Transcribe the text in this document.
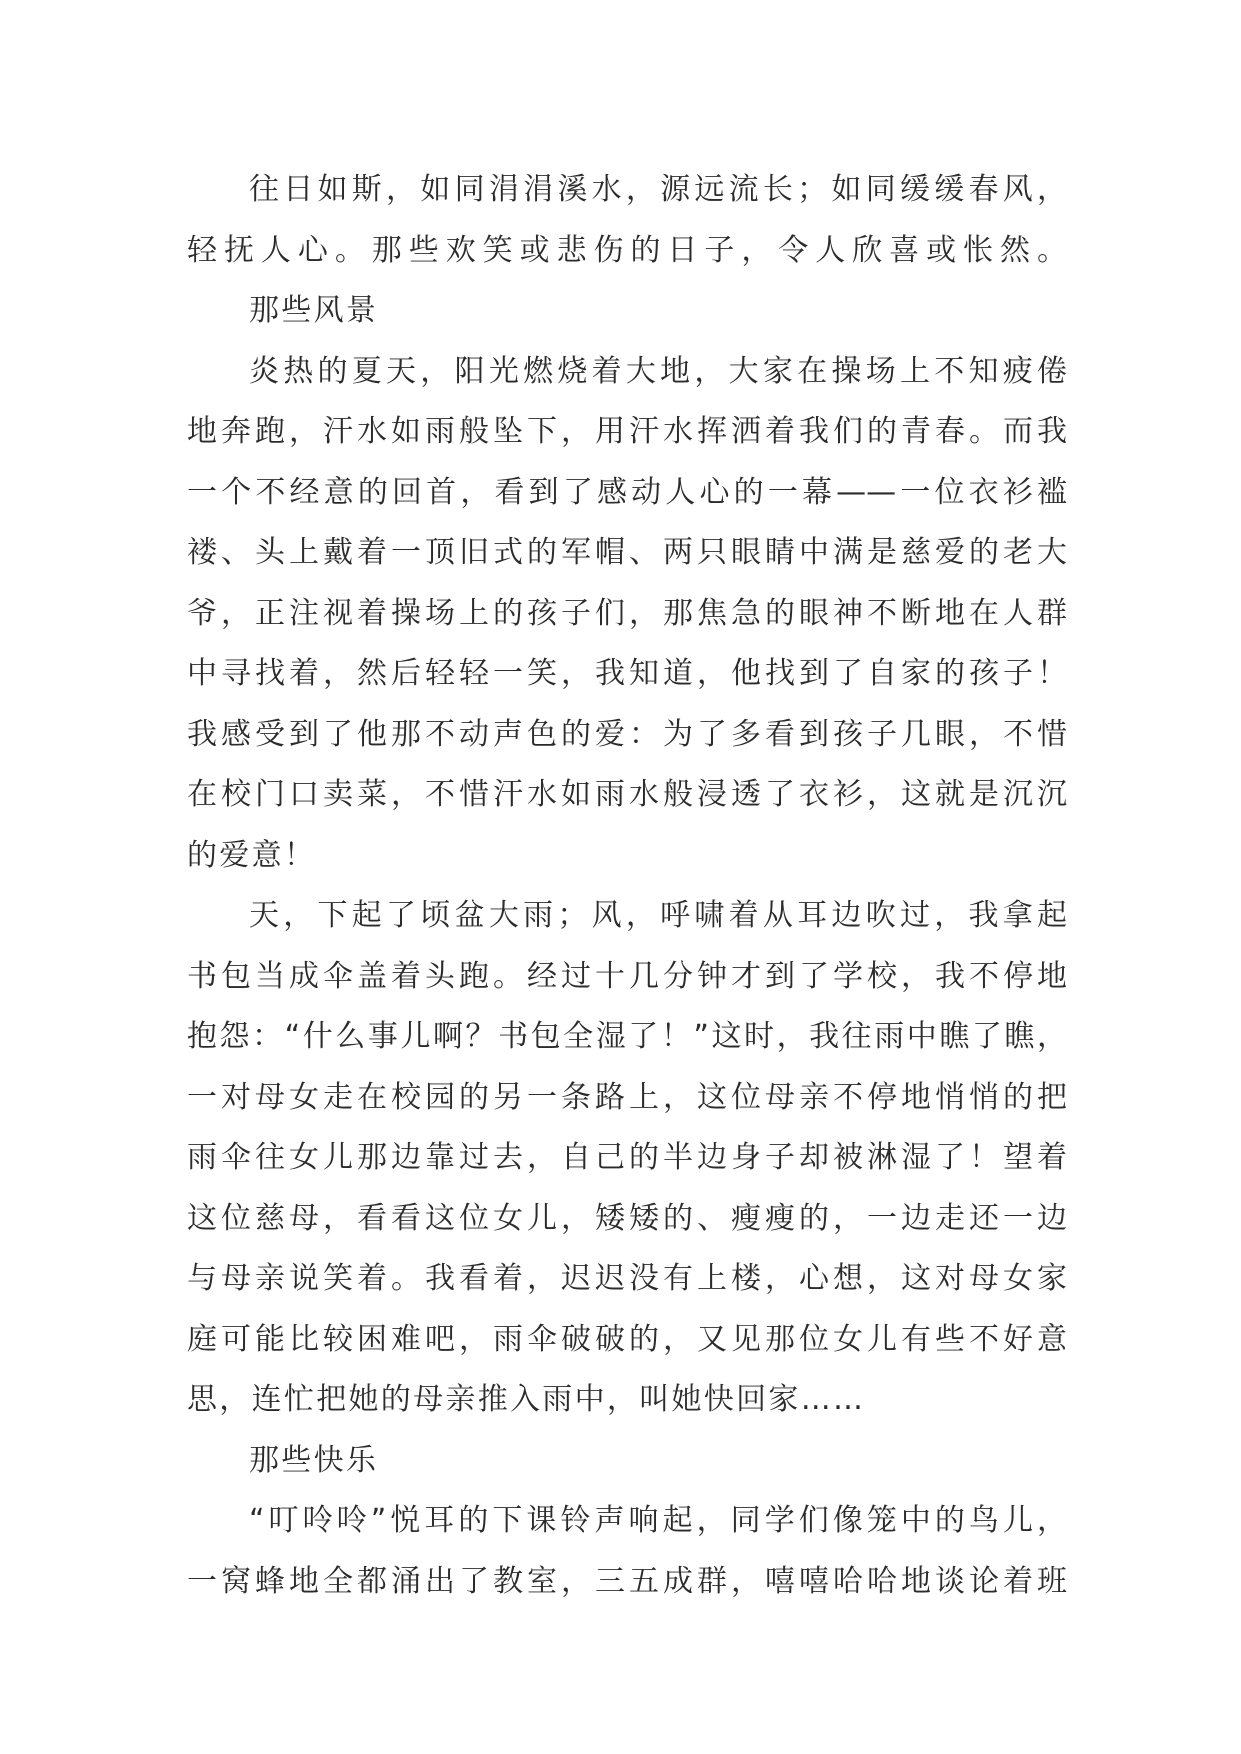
往日如斯，如同涓涓溪水，源远流长；如同缓缓春风，
轻抚人心。那些欢笑或悲伤的日子，令人欣喜或怅然。
那些风景
炎热的夏天，阳光燃烧着大地，大家在操场上不知疲倦
地奔跑，汗水如雨般坠下，用汗水挥洒着我们的青春。而我
一个不经意的回首，看到了感动人心的一幕——一位衣衫褴
褛、头上戴着一顶旧式的军帽、两只眼睛中满是慈爱的老大
爷，正注视着操场上的孩子们，那焦急的眼神不断地在人群
中寻找着，然后轻轻一笑，我知道，他找到了自家的孩子！
我感受到了他那不动声色的爱：为了多看到孩子几眼，不惜
在校门口卖菜，不惜汗水如雨水般浸透了衣衫，这就是沉沉
的爱意！
天，下起了顷盆大雨；风，呼啸着从耳边吹过，我拿起
书包当成伞盖着头跑。经过十几分钟才到了学校，我不停地
抱怨：“什么事儿啊？书包全湿了！”这时，我往雨中瞧了瞧，
一对母女走在校园的另一条路上，这位母亲不停地悄悄的把
雨伞往女儿那边靠过去，自己的半边身子却被淋湿了！望着
这位慈母，看看这位女儿，矮矮的、瘦瘦的，一边走还一边
与母亲说笑着。我看着，迟迟没有上楼，心想，这对母女家
庭可能比较困难吧，雨伞破破的，又见那位女儿有些不好意
思，连忙把她的母亲推入雨中，叫她快回家……
那些快乐
“叮呤呤”悦耳的下课铃声响起，同学们像笼中的鸟儿，
一窝蜂地全都涌出了教室，三五成群，嘻嘻哈哈地谈论着班
